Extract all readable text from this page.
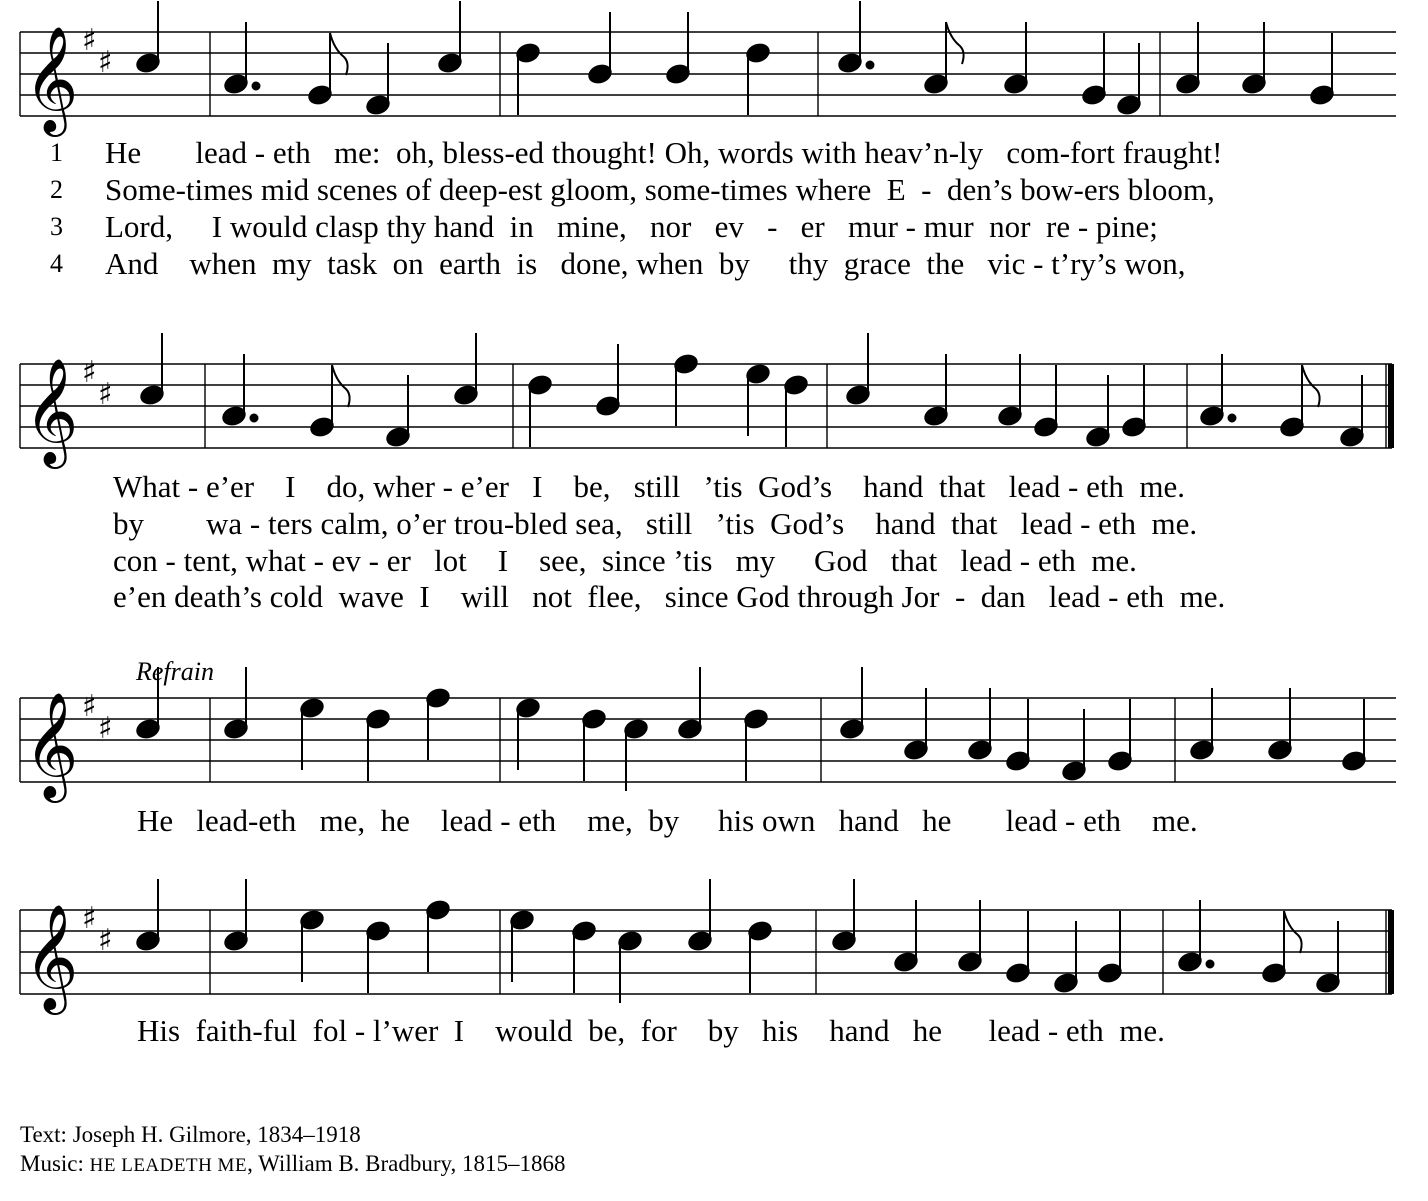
𝄞 ♯
♯
1
2
3
4
He       lead - eth   me:  oh, bless-ed thought! Oh, words with heav’n-ly   com-fort fraught!
Some-times mid scenes of deep-est gloom, some-times where  E  -  den’s bow-ers bloom,
Lord,     I would clasp thy hand  in   mine,   nor   ev   -   er   mur - mur  nor  re - pine;
And    when  my  task  on  earth  is   done, when  by     thy  grace  the   vic - t’ry’s won,
𝄞 ♯
♯
What - e’er    I    do, wher - e’er   I    be,   still   ’tis  God’s    hand  that   lead - eth  me.
by        wa - ters calm, o’er trou-bled sea,   still   ’tis  God’s    hand  that   lead - eth  me.
con - tent, what - ev - er   lot    I    see,  since ’tis   my     God   that   lead - eth  me.
e’en death’s cold  wave  I    will   not  flee,   since God through Jor  -  dan   lead - eth  me.
Refrain
𝄞 ♯
♯
He   lead-eth   me,  he    lead - eth    me,  by     his own   hand   he       lead - eth    me.
𝄞 ♯
♯
His  faith-ful  fol - l’wer  I    would  be,  for    by   his    hand   he      lead - eth  me.
Text: Joseph H. Gilmore, 1834–1918
Music: HE LEADETH ME, William B. Bradbury, 1815–1868
